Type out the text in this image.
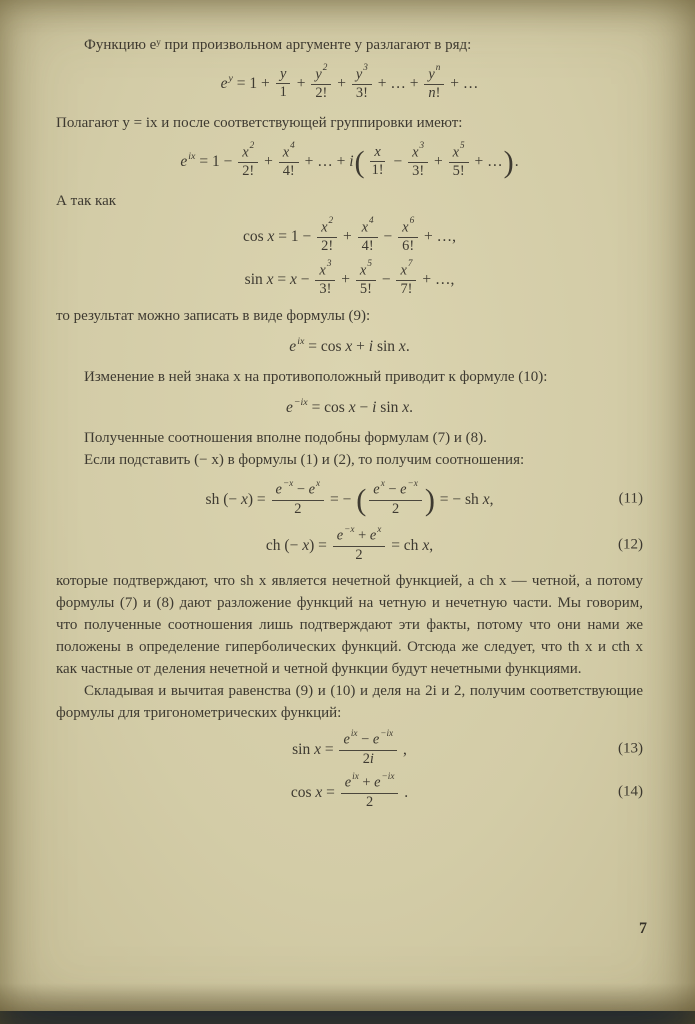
Функцию eʸ при произвольном аргументе y разлагают в ряд:

e $y = 1 + \frac{y}{1} + \frac{y^2}{2!} + \frac{y^3}{3!}$ + … + $\frac{y^n}{n!}$ + …

Полагают y = ix и после соответствующей группировки имеют:

e ix = $1 - \frac{x^2}{2!} + \frac{x^4}{4!}$ + … + i ( $\frac{x}{1!} - \frac{x^3}{3!} + \frac{x^5}{5!}$ + … ) .

А так как

$\cos x = 1 - \frac{x^2}{2!} + \frac{x^4}{4!} - \frac{x^6}{6!}$ + …,
$\sin x = x - \frac{x^3}{3!} + \frac{x^5}{5!} - \frac{x^7}{7!}$ + …,

то результат можно записать в виде формулы (9):

e ix = cos x + i sin x .

Изменение в ней знака x на противоположный приводит к формуле (10):

e −ix = cos x − i sin x .

Полученные соотношения вполне подобны формулам (7) и (8).

Если подставить (− x) в формулы (1) и (2), то получим соотношения:

sh (− x ) = $\frac{e^{-x} - e^x}{2}$ = − ( $\frac{e^x - e^{-x}}{2}$ ) = − sh x ,	(11)
ch (− x ) = $\frac{e^{-x} + e^x}{2}$ = ch x ,	(12)

которые подтверждают, что sh x является нечетной функцией, а ch x — четной, а потому формулы (7) и (8) дают разложение функций на четную и нечетную части. Мы говорим, что полученные соотношения лишь подтверждают эти факты, потому что они нами же положены в определение гиперболических функций. Отсюда же следует, что th x и cth x как частные от деления нечетной и четной функции будут нечетными функциями.

Складывая и вычитая равенства (9) и (10) и деля на 2i и 2, получим соответствующие формулы для тригонометрических функций:

$\sin x = \frac{e^{ix} - e^{-ix}}{2i}$ ,	(13)
$\cos x = \frac{e^{ix} + e^{-ix}}{2}$ .	(14)
7
